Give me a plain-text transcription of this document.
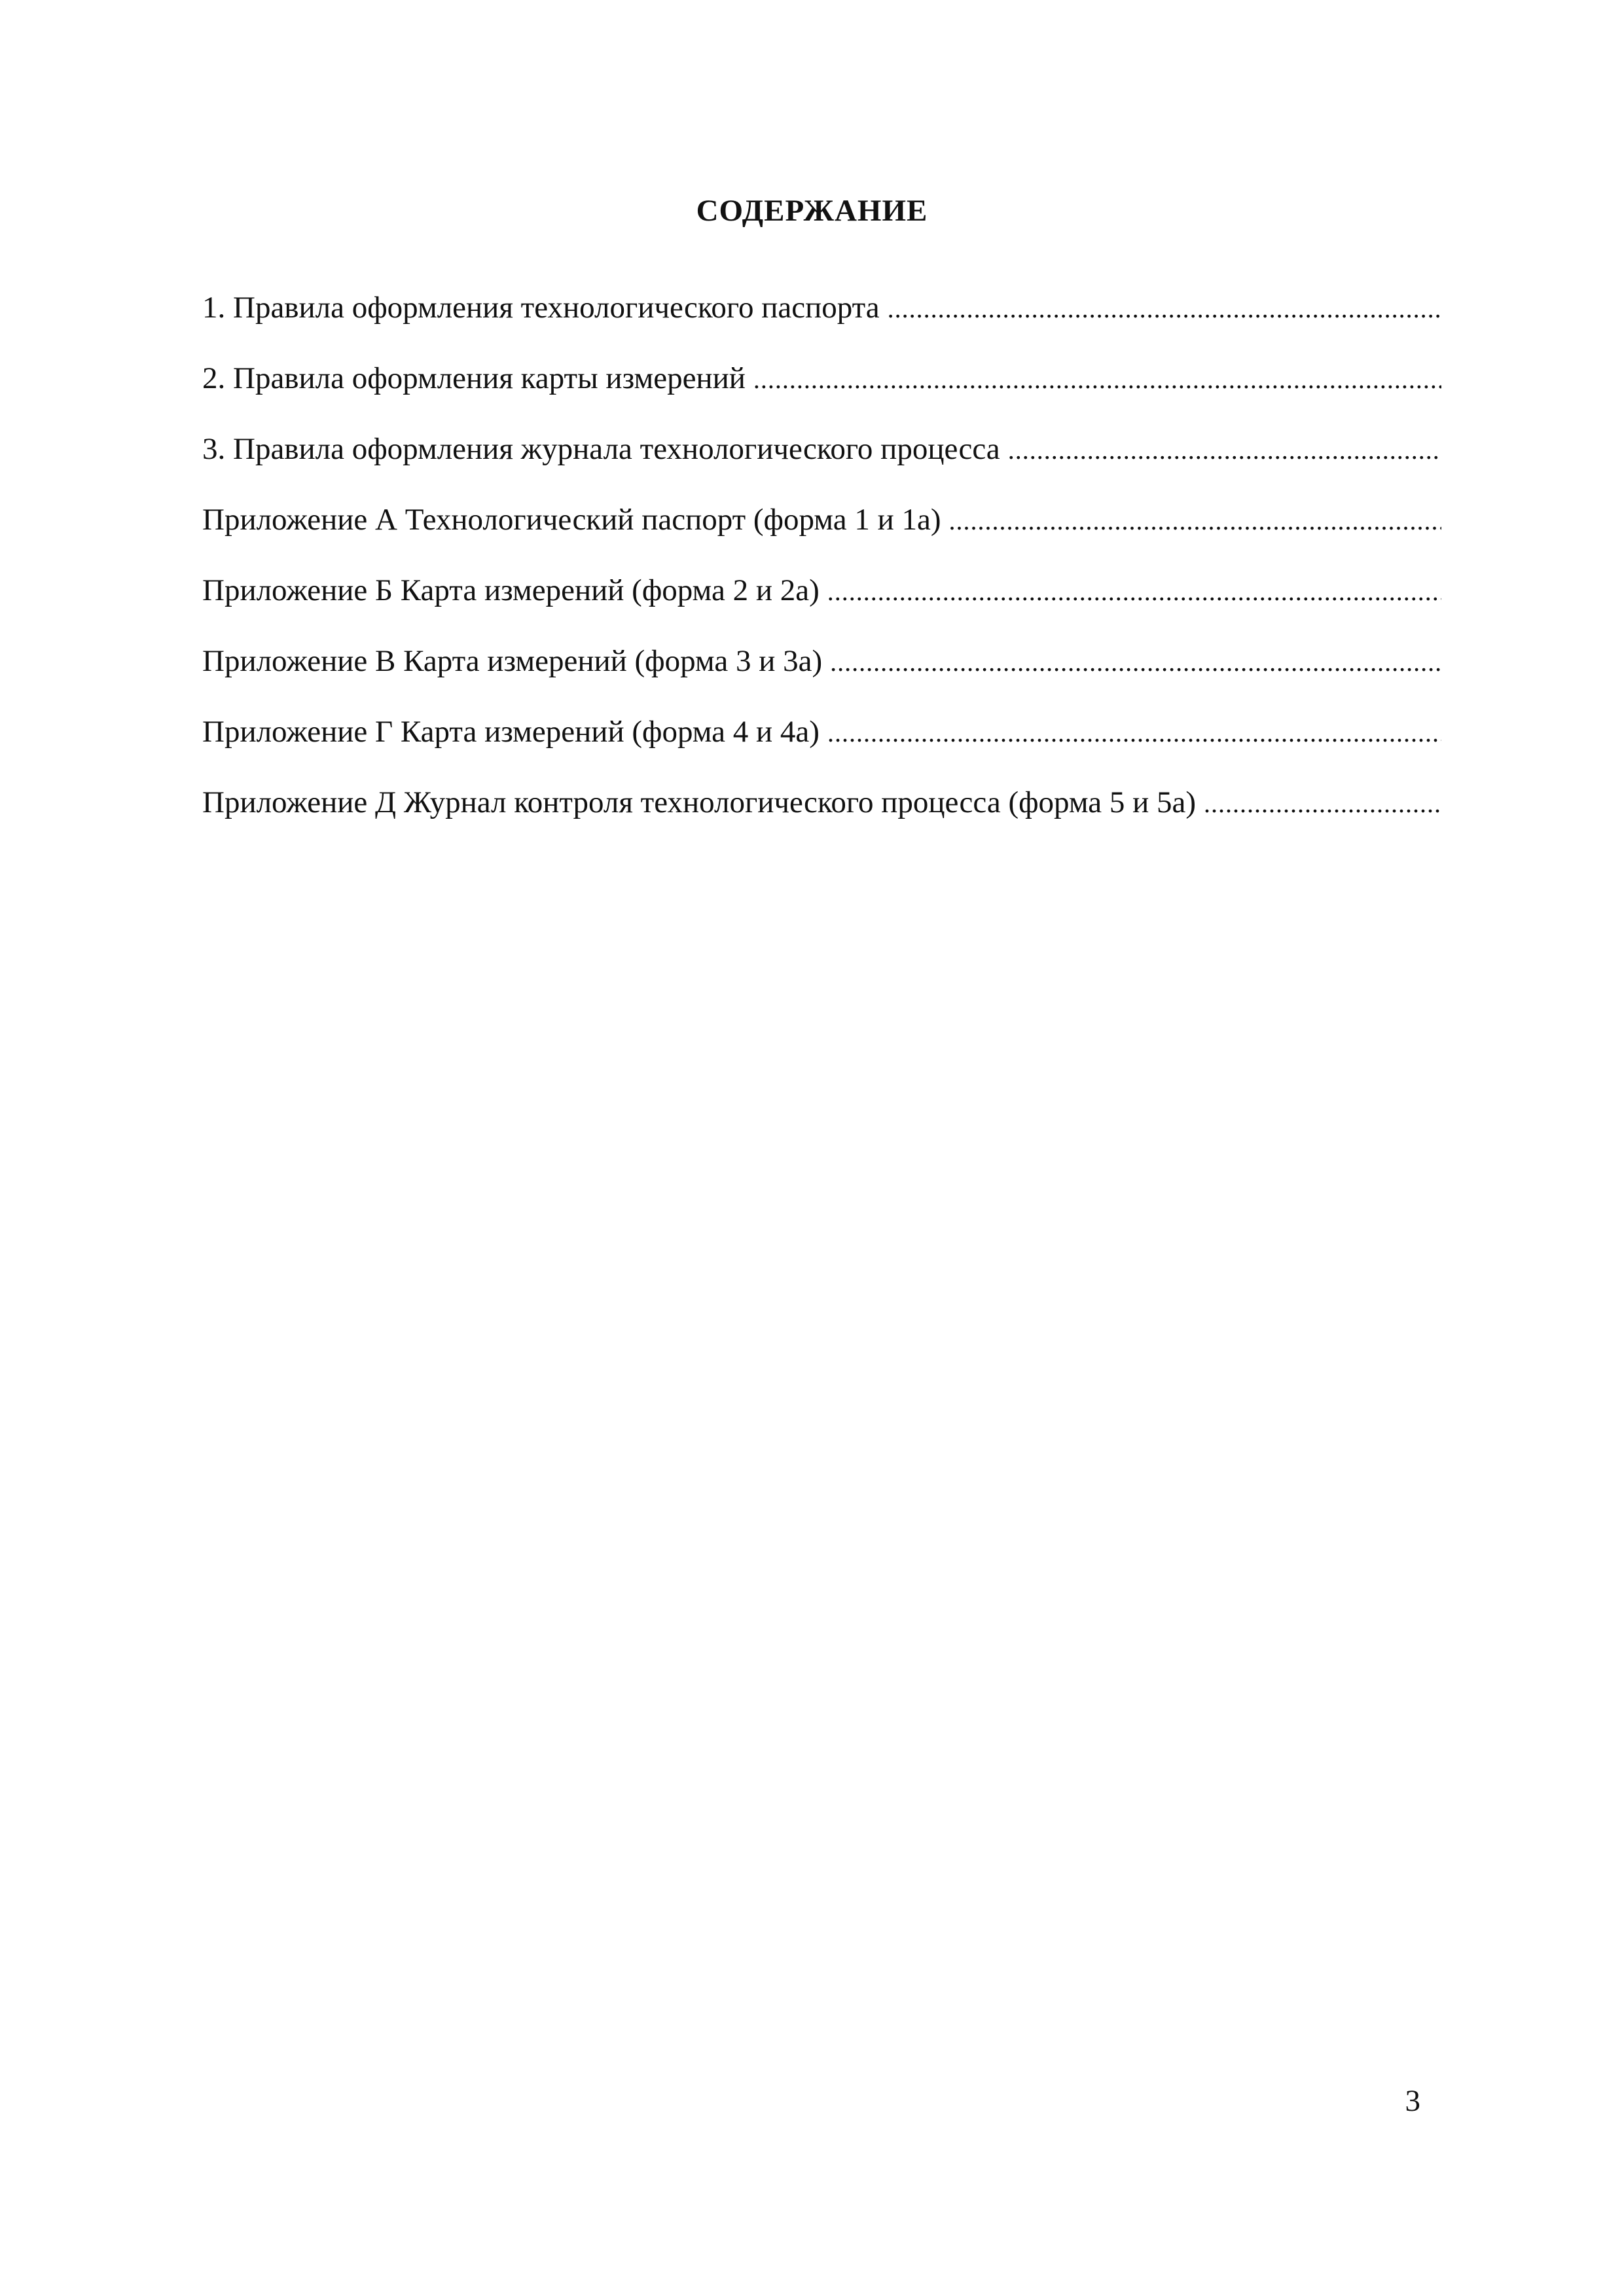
СОДЕРЖАНИЕ
1. Правила оформления технологического паспорта
.....
2. Правила оформления карты измерений
.....
3. Правила оформления журнала технологического процесса
.....
Приложение А Технологический паспорт (форма 1 и 1а)
.....
Приложение Б Карта измерений (форма 2 и 2а)
.....
Приложение В Карта измерений (форма 3 и 3а)
.....
Приложение Г Карта измерений (форма 4 и 4а)
.....
Приложение Д Журнал контроля технологического процесса (форма 5 и 5а)
.....
3
